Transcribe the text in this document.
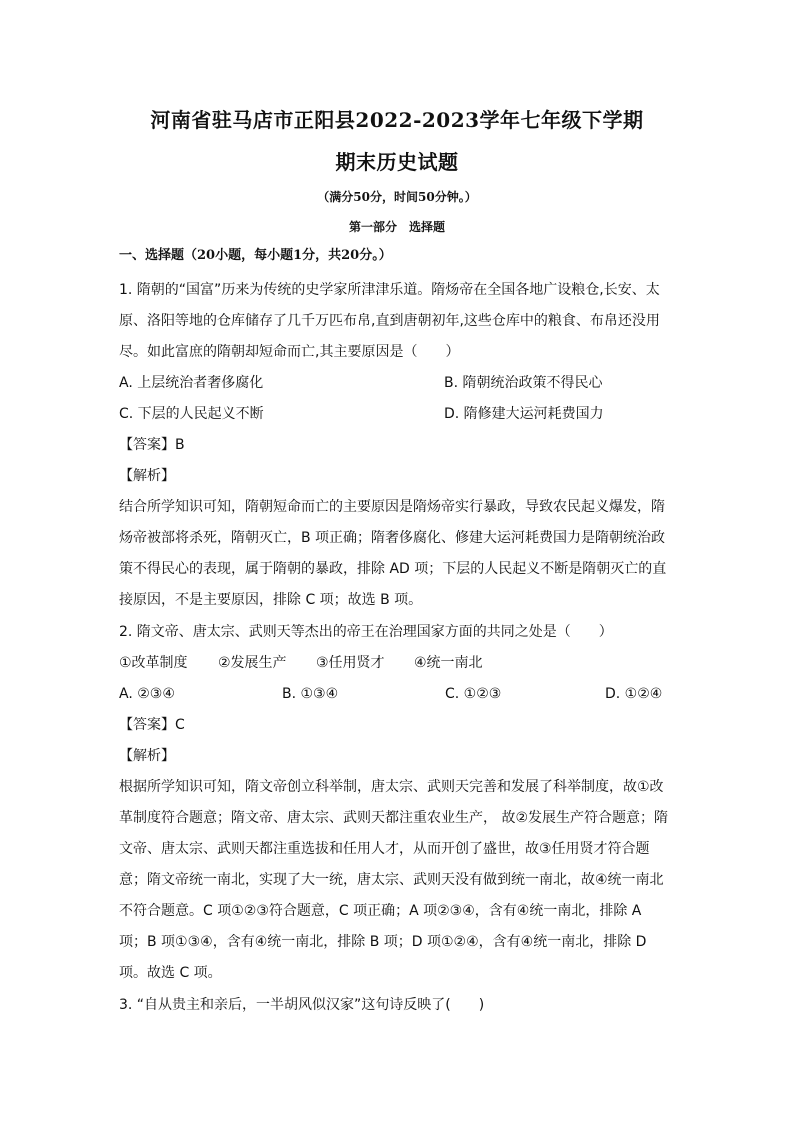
河南省驻马店市正阳县2022-2023学年七年级下学期
期末历史试题
（满分50分，时间50分钟。）
第一部分　选择题
一、选择题（20小题，每小题1分，共20分。）
1. 隋朝的“国富”历来为传统的史学家所津津乐道。隋炀帝在全国各地广设粮仓,长安、太
原、洛阳等地的仓库储存了几千万匹布帛,直到唐朝初年,这些仓库中的粮食、布帛还没用
尽。如此富庶的隋朝却短命而亡,其主要原因是（　　）
A. 上层统治者奢侈腐化	B. 隋朝统治政策不得民心
C. 下层的人民起义不断	D. 隋修建大运河耗费国力
【答案】B
【解析】
结合所学知识可知，隋朝短命而亡的主要原因是隋炀帝实行暴政，导致农民起义爆发，隋
炀帝被部将杀死，隋朝灭亡，B 项正确；隋奢侈腐化、修建大运河耗费国力是隋朝统治政
策不得民心的表现，属于隋朝的暴政，排除 AD 项；下层的人民起义不断是隋朝灭亡的直
接原因，不是主要原因，排除 C 项；故选 B 项。
2. 隋文帝、唐太宗、武则天等杰出的帝王在治理国家方面的共同之处是（　　）
①改革制度 ②发展生产 ③任用贤才 ④统一南北
A. ②③④	B. ①③④	C. ①②③	D. ①②④
【答案】C
【解析】
根据所学知识可知，隋文帝创立科举制，唐太宗、武则天完善和发展了科举制度，故①改
革制度符合题意；隋文帝、唐太宗、武则天都注重农业生产， 故②发展生产符合题意；隋
文帝、唐太宗、武则天都注重选拔和任用人才，从而开创了盛世，故③任用贤才符合题
意；隋文帝统一南北，实现了大一统，唐太宗、武则天没有做到统一南北，故④统一南北
不符合题意。C 项①②③符合题意，C 项正确；A 项②③④，含有④统一南北，排除 A
项；B 项①③④，含有④统一南北，排除 B 项；D 项①②④，含有④统一南北，排除 D
项。故选 C 项。
3. “自从贵主和亲后，一半胡风似汉家”这句诗反映了(　　)
